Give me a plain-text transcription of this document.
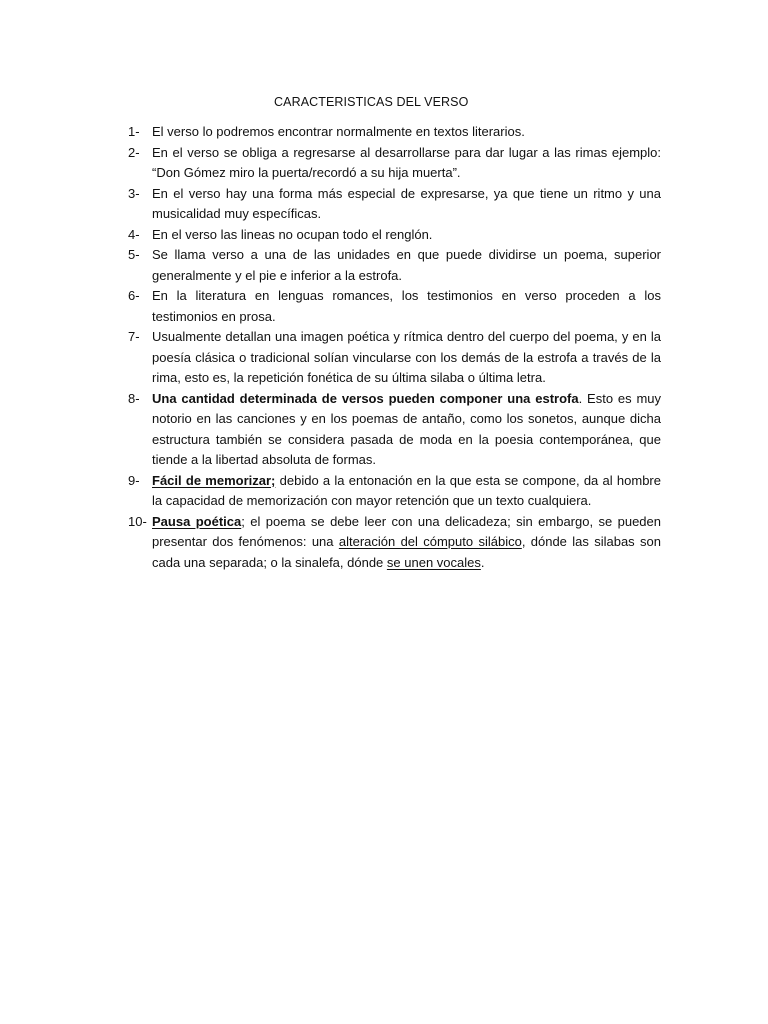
CARACTERISTICAS DEL VERSO
1- El verso lo podremos encontrar normalmente en textos literarios.
2- En el verso se obliga a regresarse al desarrollarse para dar lugar a las rimas ejemplo: “Don Gómez miro la puerta/recordó a su hija muerta”.
3- En el verso hay una forma más especial de expresarse, ya que tiene un ritmo y una musicalidad muy específicas.
4- En el verso las lineas no ocupan todo el renglón.
5- Se llama verso a una de las unidades en que puede dividirse un poema, superior generalmente y el pie e inferior a la estrofa.
6- En la literatura en lenguas romances, los testimonios en verso proceden a los testimonios en prosa.
7- Usualmente detallan una imagen poética y rítmica dentro del cuerpo del poema, y en la poesía clásica o tradicional solían vincularse con los demás de la estrofa a través de la rima, esto es, la repetición fonética de su última silaba o última letra.
8- Una cantidad determinada de versos pueden componer una estrofa. Esto es muy notorio en las canciones y en los poemas de antaño, como los sonetos, aunque dicha estructura también se considera pasada de moda en la poesia contemporánea, que tiende a la libertad absoluta de formas.
9- Fácil de memorizar; debido a la entonación en la que esta se compone, da al hombre la capacidad de memorización con mayor retención que un texto cualquiera.
10- Pausa poética; el poema se debe leer con una delicadeza; sin embargo, se pueden presentar dos fenómenos: una alteración del cómputo silábico, dónde las silabas son cada una separada; o la sinalefa, dónde se unen vocales.
